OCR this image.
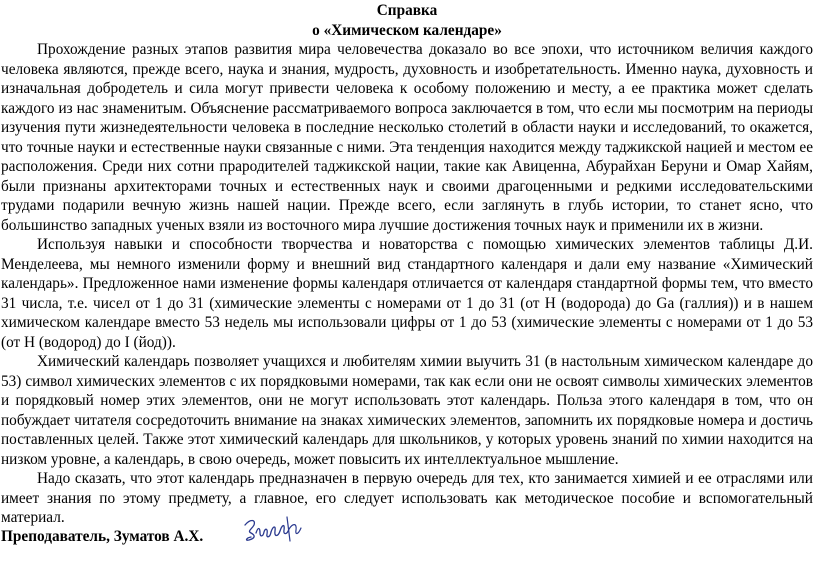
Справка

о «Химическом календаре»

Прохождение разных этапов развития мира человечества доказало во все эпохи, что источником величия каждого человека являются, прежде всего, наука и знания, мудрость, духовность и изобретательность. Именно наука, духовность и изначальная добродетель и сила могут привести человека к особому положению и месту, а ее практика может сделать каждого из нас знаменитым. Объяснение рассматриваемого вопроса заключается в том, что если мы посмотрим на периоды изучения пути жизнедеятельности человека в последние несколько столетий в области науки и исследований, то окажется, что точные науки и естественные науки связанные с ними. Эта тенденция находится между таджикской нацией и местом ее расположения. Среди них сотни прародителей таджикской нации, такие как Авиценна, Абурайхан Беруни и Омар Хайям, были признаны архитекторами точных и естественных наук и своими драгоценными и редкими исследовательскими трудами подарили вечную жизнь нашей нации. Прежде всего, если заглянуть в глубь истории, то станет ясно, что большинство западных ученых взяли из восточного мира лучшие достижения точных наук и применили их в жизни.

Используя навыки и способности творчества и новаторства с помощью химических элементов таблицы Д.И. Менделеева, мы немного изменили форму и внешний вид стандартного календаря и дали ему название «Химический календарь». Предложенное нами изменение формы календаря отличается от календаря стандартной формы тем, что вместо 31 числа, т.е. чисел от 1 до 31 (химические элементы с номерами от 1 до 31 (от H (водорода) до Ga (галлия)) и в нашем химическом календаре вместо 53 недель мы использовали цифры от 1 до 53 (химические элементы с номерами от 1 до 53 (от H (водород) до I (йод)).

Химический календарь позволяет учащихся и любителям химии выучить 31 (в настольным химическом календаре до 53) символ химических элементов с их порядковыми номерами, так как если они не освоят символы химических элементов и порядковый номер этих элементов, они не могут использовать этот календарь. Польза этого календаря в том, что он побуждает читателя сосредоточить внимание на знаках химических элементов, запомнить их порядковые номера и достичь поставленных целей. Также этот химический календарь для школьников, у которых уровень знаний по химии находится на низком уровне, а календарь, в свою очередь, может повысить их интеллектуальное мышление.

Надо сказать, что этот календарь предназначен в первую очередь для тех, кто занимается химией и ее отраслями или имеет знания по этому предмету, а главное, его следует использовать как методическое пособие и вспомогательный материал.

Преподаватель, Зуматов А.Х.
